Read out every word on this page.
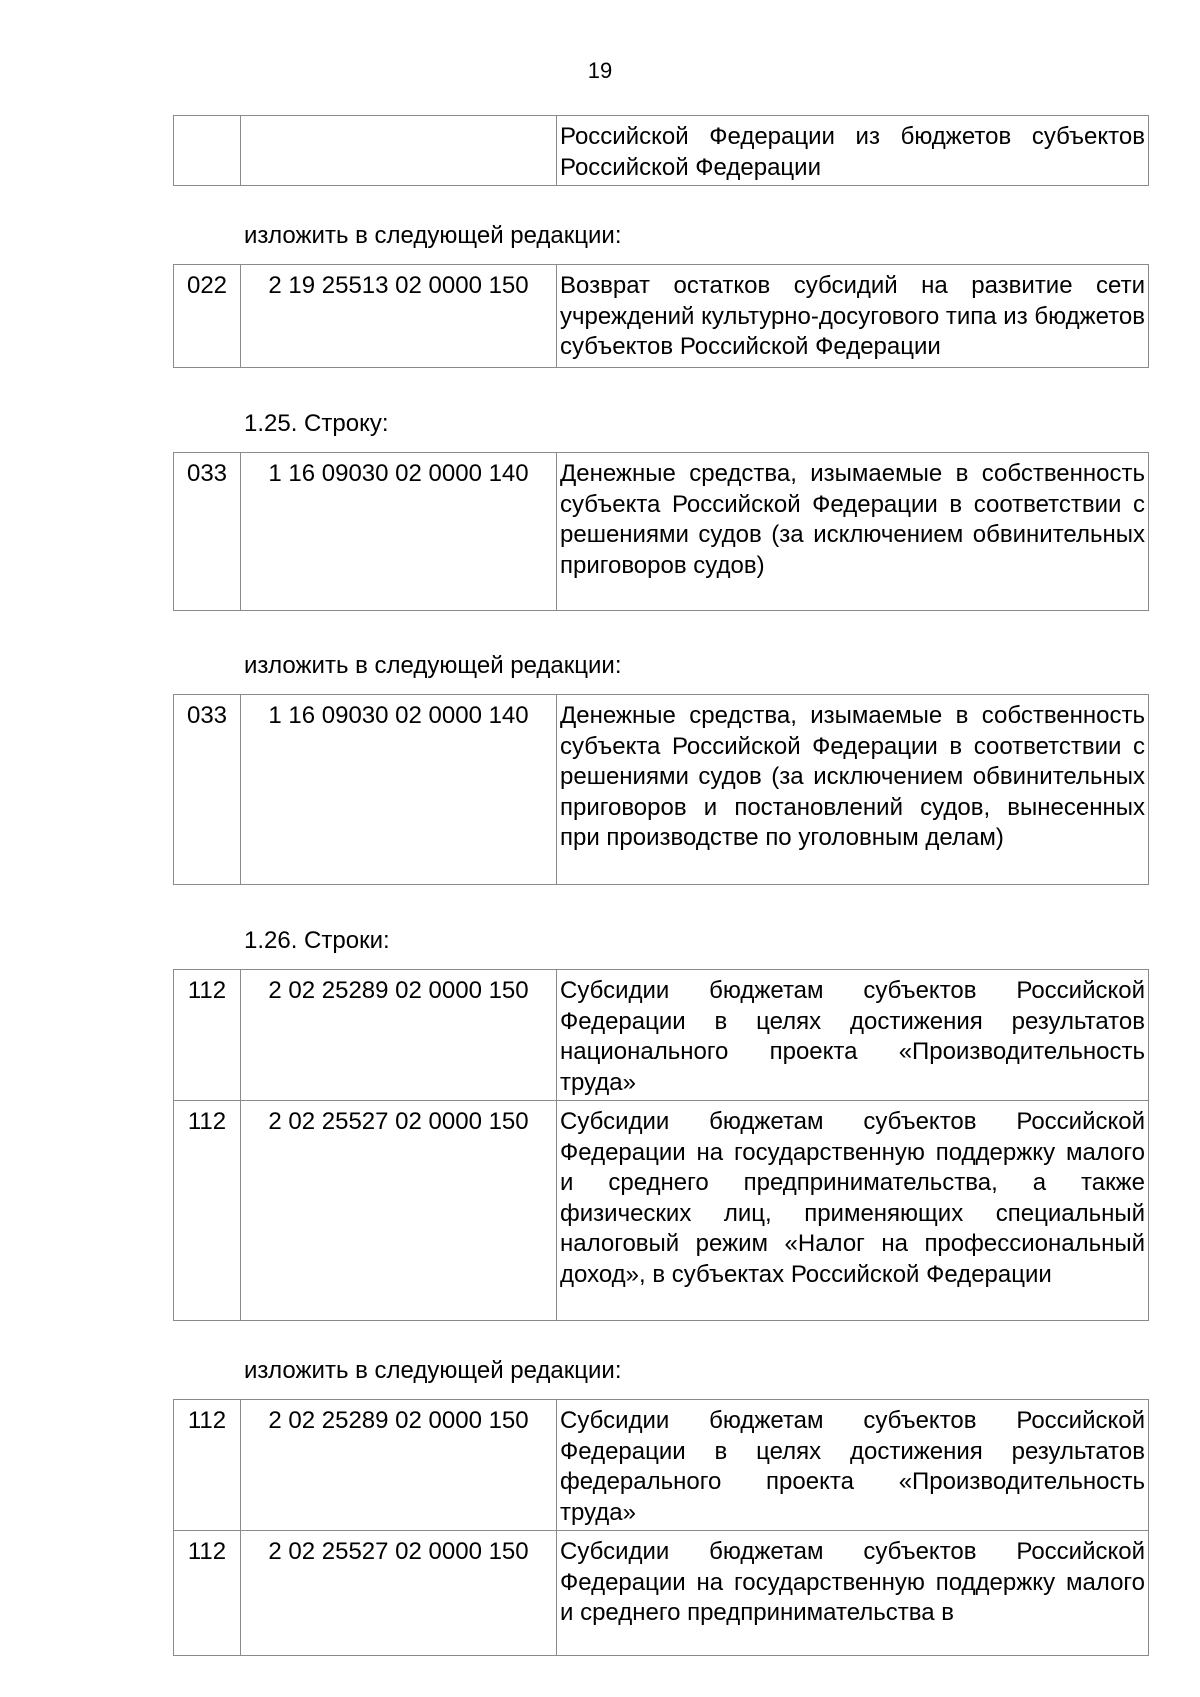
19
		Российской Федерации из бюджетов субъектов Российской Федерации
изложить в следующей редакции:
022	2 19 25513 02 0000 150	Возврат остатков субсидий на развитие сети учреждений культурно-досугового типа из бюджетов субъектов Российской Федерации
1.25. Строку:
033	1 16 09030 02 0000 140	Денежные средства, изымаемые в собственность субъекта Российской Федерации в соответствии с решениями судов (за исключением обвинительных приговоров судов)
изложить в следующей редакции:
033	1 16 09030 02 0000 140	Денежные средства, изымаемые в собственность субъекта Российской Федерации в соответствии с решениями судов (за исключением обвинительных приговоров и постановлений судов, вынесенных при производстве по уголовным делам)
1.26. Строки:
112	2 02 25289 02 0000 150	Субсидии бюджетам субъектов Российской Федерации в целях достижения результатов национального проекта «Производительность труда»
112	2 02 25527 02 0000 150	Субсидии бюджетам субъектов Российской Федерации на государственную поддержку малого и среднего предпринимательства, а также физических лиц, применяющих специальный налоговый режим «Налог на профессиональный доход», в субъектах Российской Федерации
изложить в следующей редакции:
112	2 02 25289 02 0000 150	Субсидии бюджетам субъектов Российской Федерации в целях достижения результатов федерального проекта «Производительность труда»
112	2 02 25527 02 0000 150	Субсидии бюджетам субъектов Российской Федерации на государственную поддержку малого и среднего предпринимательства в
